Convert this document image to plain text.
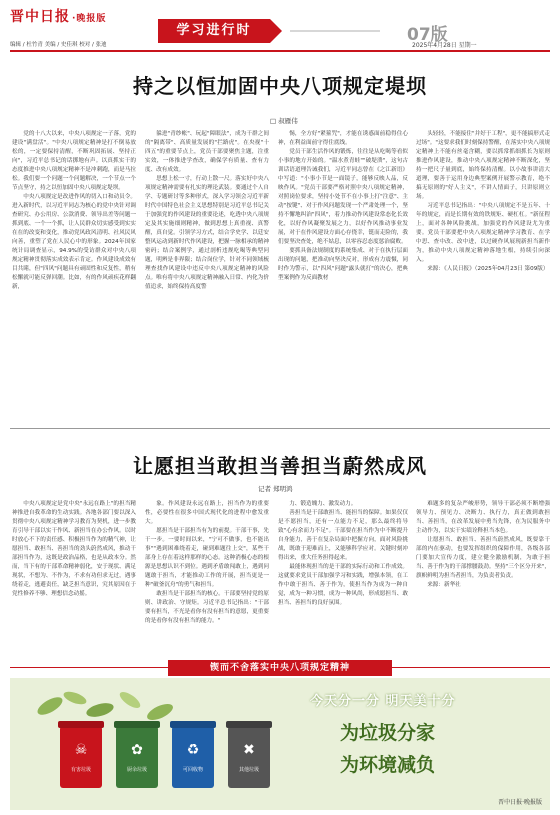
晋中日报 ·晚报版
编辑 / 杜竹青 美编 / 史佳琪 校对 / 张迪
学习进行时	07版
2025年4月28日 星期一
持之以恒加固中央八项规定堤坝
□ 叔雁伟

党的十八大以来，中央八项规定一子落，党的建设"满盘活"。"中央八项规定精神是打不倒易放松的，一定要保持清醒，不断巩固拓展、坚持正向"，习近平总书记的话掷地有声。以真抓实干的态度推进中央八项规定精神不是冲刺跑，而是马拉松。我们要一个问题一个问题解决，一个节点一个节点坚守，持之以恒加固中央八项规定堤坝。

中央八项规定是改进作风的切入口和动员令。进入新时代，以习近平同志为核心的党中央针对调查研究、办公用房、公款消费、领导出差等问题一抓到底、一个一个抓，让人民群众切实感受到实实在在的改变和变化，推动党风政风清明、社风民风向善，重塑了党在人民心中的形象。2024年国家统计局调查显示，94.9%的受访群众对中央八项规定精神贯彻落实成效表示肯定。作风建设成效有目共睹，但"四风"问题具有顽固性和反复性，稍有松懈就可能反弹回潮。比如，有的作风顽疾花样翻新，

躲进"青纱帐"、玩起"障眼法"，成为干群之间的"隔离带"、高质量发展的"拦路虎"。在央视"十四五"的重要节点上，党员干部要聚焦主题，注重实效，一体推进学查改，确保学有质量、查有力度、改有成效。

思想上松一寸，行动上散一尺。落实好中央八项规定精神需要有扎实的理论武装。要通过个人自学、专题研讨等多种形式，深入学习领会习近平新时代中国特色社会主义思想特别是习近平总书记关于加强党的作风建设的重要论述，吃透中央八项规定及其实施细则精神，做到思想上真重视、真警醒，真自觉。引领学习方式，结合学史学、以廷安整风运动到新时代作风建设，把握一脉相承的精神密码；结合案例学，通过剖析违规吃喝等典型问题，明辨是非界限；结合岗位学，针对不同领域梳理查找作风建设中违反中央八项规定精神的风险点。唯有将中央八项规定精神融入日常、内化为价值追求，始终保持高度警

惕，全方好"紧箍咒"，才能在诱惑面前稳得住心神，在利益面前守得住底线。

党员干部生活作风的锻炼，往往是从吃喝等看似小事的地方开始的。"温水煮青蛙""破堤溃"，这句古训话语道理告诫我们，习近平同志曾在《之江新语》中写道："小事小节是一面镜子，能够反映人品，反映作风。"党员干部要严格对照中央八项规定精神，对照岗位要求，坚持小处节不在小事上打"注意"、主动"按键"、对于作风问题发现一个严肃处理一个，坚持不懈地纠治"四风"，着力推动作风建设常态化长效化，以好作风凝聚发展之力，以好作风推动事业发展，对于在作风建设方面心存侥幸，铤而走险的，我们要坚决查处，绝不姑息，以零容忍态度惩治腐败。

要抓具备法规制度的系统集成、对于在执行层面出现的问题，把准动向坚决反对，形成有力震慑，同时作为警示，以"四风"问题"露头就打"的决心，把典型案例作为反面教材

头轻轻，不能接住"并好于工程"，更不能搞形式走过场"。"这要求我们时刻保持警醒，在落实中央八项规定精神上不能有丝毫含糊，要以抓常抓细抓长为原则推进作风建设，推动中央八项规定精神不断深化，坚持一把尺子量到底，始终保持清醒。以小故事讲清大道理，要善于运用身边典型案例开展警示教育，绝不搞无原则的"好人主义"，不讲人情面子，只讲原则立场。

习近平总书记指出："中央八项规定不是五年、十年的规定，而是长期有效的铁规矩、硬杠杠。"新征程上，面对各种风险挑战，加强党的作风建设尤为重要。党员干部要把中央八项规定精神学习教育、在学中思、查中改、改中进，以过硬作风展现新担当新作为，推动中央八项规定精神落地生根，持续引向深入。

来源：《人民日报》（2025年04月23日 第09版）

让愿担当敢担当善担当蔚然成风
记者 郑明鸿

中央八项规定是党中央"永远在路上"的担当精神推进自我革命的生动实践。各地各部门要以深入贯彻中央八项规定精神学习教育为契机，进一步教育引导干部以实干作风、新担当在办公作风。以时时放心不下的责任感、积极担当作为的精气神，让愿担当、敢担当、善担当的劲头蔚然成风，推动干部担当作为，这既是政治品格，也是从政本分。然而，当下有的干部革命精神弱化，安于现状、满足现状，不想为、不作为，不求有功但求无过，遇事绕着走，逃避责任，缺乏担当意识，究其原因在于党性修养不够、理想信念动摇。

象。作风建设永远在路上，担当作为的重要性，必要性在很多中国式现代化的进程中愈发重大。

愿担当是干部担当有为的前提。干部干事，先干一步。一要时间以来，"宁可不做事，也不能出事""遇到困难绕着走，碰到难题往上交"，某些干部身上存在着这样那样的心态。这种消极心态的根源是思想认识不到位。遇到矛盾敢闯敢上，遇到问题敢于担当，才能推动工作的开展，担当更是一种"破釜沉舟"的勇气和担当。

敢担当是干部担当的核心。干部要坚持党的原则、讲政治、守规矩。习近平总书记指出："干部要有担当，不光是看你有没有担当的意愿，更重要的是看你有没有担当的能力。"

力、锻造魄力、激发动力。

善担当是干部敢担当、能担当的保障。如果仅仅是不愿担当，还有一点能力不足，那么最终将导致"心有余而力不足"。干部要在担当作为中不断提升自身能力，善于在复杂局面中把握方向，面对风险挑战，既敢于迎难而上，又能够科学应对。关键时刻冲得出来，重大任务担得起来。

最能体现担当的是干部的实际行动和工作成效。这就要求党员干部加强学习和实践，增强本领，在工作中敢于担当、善于作为，使担当作为成为一种自觉，成为一种习惯，成为一种风尚，形成愿担当、敢担当、善担当的良好氛围。

难题多的复杂严峻形势，领导干部必须不断增强领导力、预见力、决断力、执行力，真正做到敢担当、善担当，在改革发展中勇当先锋，在为民服务中主动作为，以实干实绩诠释担当本色。

让愿担当、敢担当、善担当蔚然成风，既要靠干部的内在驱动，也要发挥组织的保障作用，各级各部门要加大宣传力度，建立健全激励机制，为敢于担当、善于作为的干部撑腰鼓劲。坚持"三个区分开来"，旗帜鲜明为担当者担当，为负责者负责。

来源：新华社

锲而不舍落实中央八项规定精神
今天分一分 明天美十分
为垃圾分家
为环境减负
☠
有害垃圾
✿
厨余垃圾
♻
可回收物
✖
其他垃圾
晋中日报·晚报版
